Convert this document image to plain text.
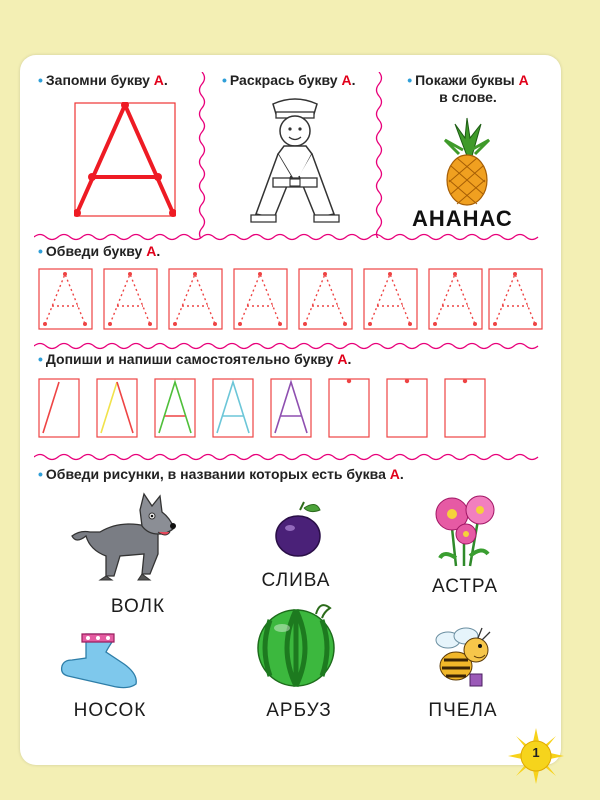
• Запомни букву А.	• Раскрась букву А.	• Покажи буквы А
в слове.
АНАНАС
• Обведи букву А.
• Допиши и напиши самостоятельно букву А.
• Обведи рисунки, в названии которых есть буква А.
ВОЛК
СЛИВА	АСТРА
НОСОК	АРБУЗ	ПЧЕЛА
1
